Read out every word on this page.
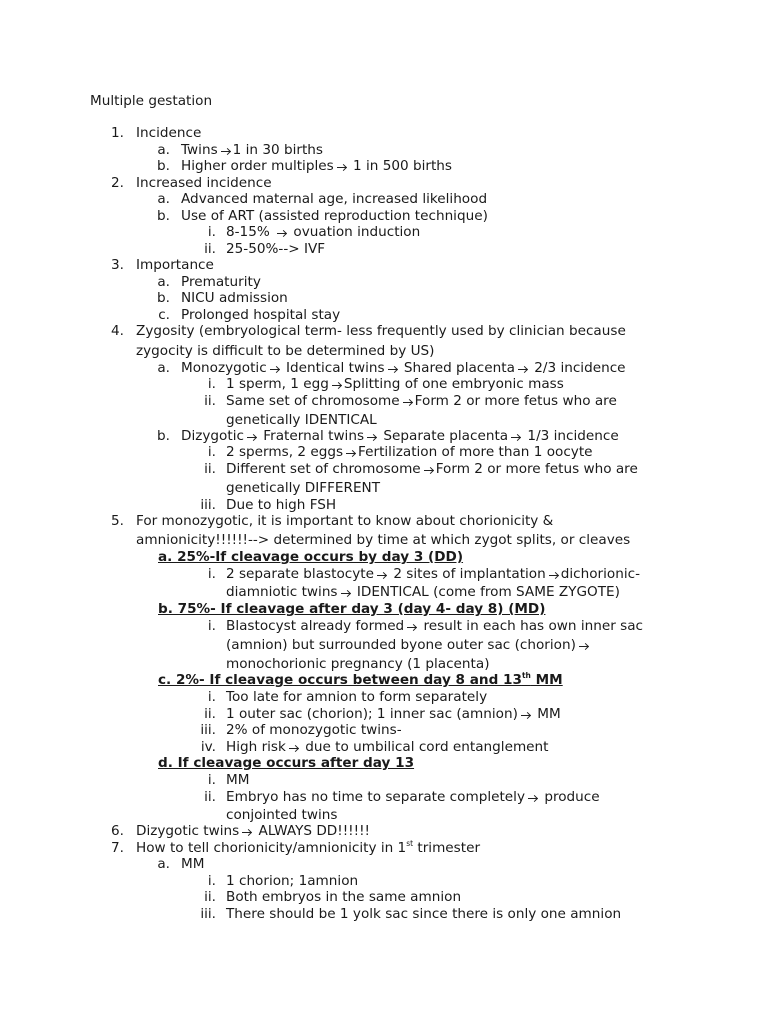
Multiple gestation
1. Incidence
a. Twins 1 in 30 births
b. Higher order multiples 1 in 500 births
2. Increased incidence
a. Advanced maternal age, increased likelihood
b. Use of ART (assisted reproduction technique)
i. 8-15%  ovuation induction
ii. 25-50%--> IVF
3. Importance
a. Prematurity
b. NICU admission
c. Prolonged hospital stay
4. Zygosity (embryological term- less frequently used by clinician because
zygocity is difficult to be determined by US)
a. Monozygotic Identical twins Shared placenta 2/3 incidence
i. 1 sperm, 1 egg Splitting of one embryonic mass
ii. Same set of chromosome Form 2 or more fetus who are
genetically IDENTICAL
b. Dizygotic Fraternal twins Separate placenta 1/3 incidence
i. 2 sperms, 2 eggs Fertilization of more than 1 oocyte
ii. Different set of chromosome Form 2 or more fetus who are
genetically DIFFERENT
iii. Due to high FSH
5. For monozygotic, it is important to know about chorionicity &
amnionicity!!!!!!--> determined by time at which zygot splits, or cleaves
a. 25%-If cleavage occurs by day 3 (DD)
i. 2 separate blastocyte 2 sites of implantation dichorionic-
diamniotic twins IDENTICAL (come from SAME ZYGOTE)
b. 75%- If cleavage after day 3 (day 4- day 8) (MD)
i. Blastocyst already formed result in each has own inner sac
(amnion) but surrounded byone outer sac (chorion)
monochorionic pregnancy (1 placenta)
c. 2%- If cleavage occurs between day 8 and 13th MM
i. Too late for amnion to form separately
ii. 1 outer sac (chorion); 1 inner sac (amnion) MM
iii. 2% of monozygotic twins-
iv. High risk due to umbilical cord entanglement
d. If cleavage occurs after day 13
i. MM
ii. Embryo has no time to separate completely produce
conjointed twins
6. Dizygotic twins ALWAYS DD!!!!!!
7. How to tell chorionicity/amnionicity in 1st trimester
a. MM
i. 1 chorion; 1amnion
ii. Both embryos in the same amnion
iii. There should be 1 yolk sac since there is only one amnion
